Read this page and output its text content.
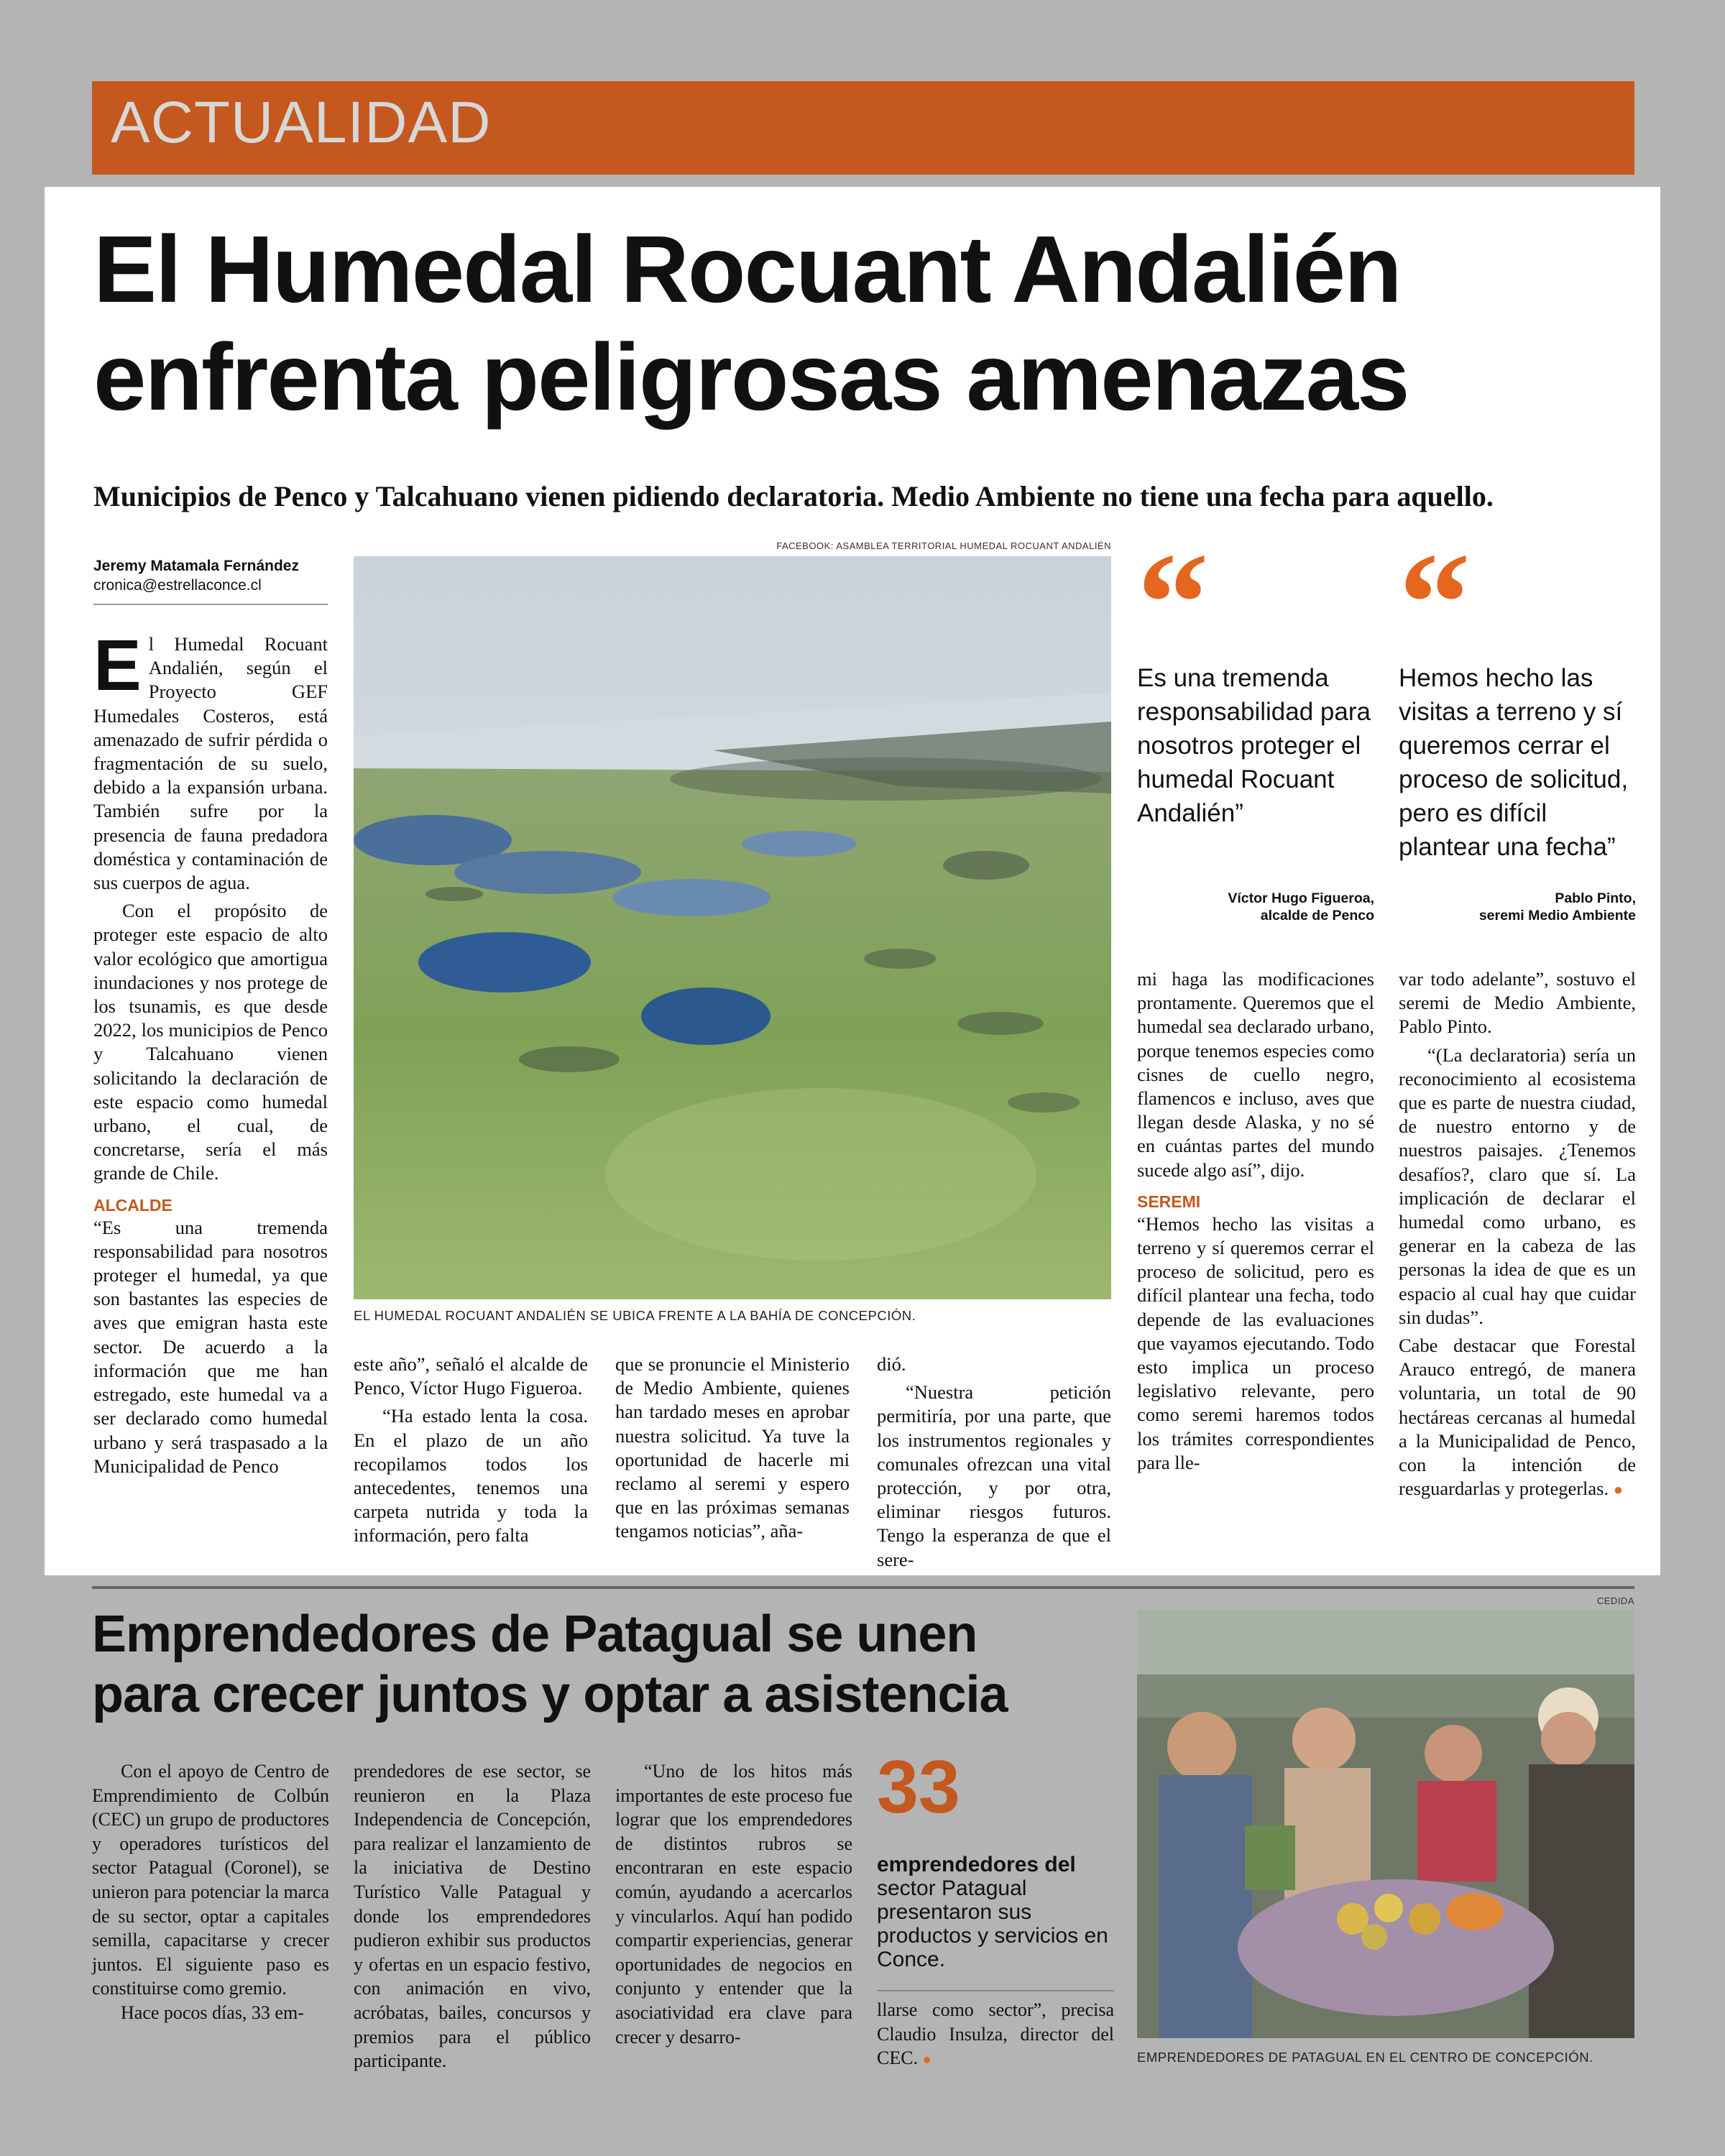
ACTUALIDAD
El Humedal Rocuant Andalién
enfrenta peligrosas amenazas
Municipios de Penco y Talcahuano vienen pidiendo declaratoria. Medio Ambiente no tiene una fecha para aquello.
Jeremy Matamala Fernández
cronica@estrellaconce.cl

El Humedal Rocuant Andalién, según el Proyecto GEF Humedales Costeros, está amenazado de sufrir pérdida o fragmentación de su suelo, debido a la expansión urbana. También sufre por la presencia de fauna predadora doméstica y contaminación de sus cuerpos de agua.

Con el propósito de proteger este espacio de alto valor ecológico que amortigua inundaciones y nos protege de los tsunamis, es que desde 2022, los municipios de Penco y Talcahuano vienen solicitando la declaración de este espacio como humedal urbano, el cual, de concretarse, sería el más grande de Chile.

ALCALDE

“Es una tremenda responsabilidad para nosotros proteger el humedal, ya que son bastantes las especies de aves que emigran hasta este sector. De acuerdo a la información que me han estregado, este humedal va a ser declarado como humedal urbano y será traspasado a la Municipalidad de Penco

FACEBOOK: ASAMBLEA TERRITORIAL HUMEDAL ROCUANT ANDALIÉN
EL HUMEDAL ROCUANT ANDALIÉN SE UBICA FRENTE A LA BAHÍA DE CONCEPCIÓN.

este año”, señaló el alcalde de Penco, Víctor Hugo Figueroa.

“Ha estado lenta la cosa. En el plazo de un año recopilamos todos los antecedentes, tenemos una carpeta nutrida y toda la información, pero falta

que se pronuncie el Ministerio de Medio Ambiente, quienes han tardado meses en aprobar nuestra solicitud. Ya tuve la oportunidad de hacerle mi reclamo al seremi y espero que en las próximas semanas tengamos noticias”, aña-

dió.

“Nuestra petición permitiría, por una parte, que los instrumentos regionales y comunales ofrezcan una vital protección, y por otra, eliminar riesgos futuros. Tengo la esperanza de que el sere-

“
Es una tremenda responsabilidad para nosotros proteger el humedal Rocuant Andalién”
Víctor Hugo Figueroa,
alcalde de Penco
“
Hemos hecho las visitas a terreno y sí queremos cerrar el proceso de solicitud, pero es difícil plantear una fecha”
Pablo Pinto,
seremi Medio Ambiente

mi haga las modificaciones prontamente. Queremos que el humedal sea declarado urbano, porque tenemos especies como cisnes de cuello negro, flamencos e incluso, aves que llegan desde Alaska, y no sé en cuántas partes del mundo sucede algo así”, dijo.

SEREMI

“Hemos hecho las visitas a terreno y sí queremos cerrar el proceso de solicitud, pero es difícil plantear una fecha, todo depende de las evaluaciones que vayamos ejecutando. Todo esto implica un proceso legislativo relevante, pero como seremi haremos todos los trámites correspondientes para lle-

var todo adelante”, sostuvo el seremi de Medio Ambiente, Pablo Pinto.

“(La declaratoria) sería un reconocimiento al ecosistema que es parte de nuestra ciudad, de nuestro entorno y de nuestros paisajes. ¿Tenemos desafíos?, claro que sí. La implicación de declarar el humedal como urbano, es generar en la cabeza de las personas la idea de que es un espacio al cual hay que cuidar sin dudas”.

Cabe destacar que Forestal Arauco entregó, de manera voluntaria, un total de 90 hectáreas cercanas al humedal a la Municipalidad de Penco, con la intención de resguardarlas y protegerlas. ●

Emprendedores de Patagual se unen
para crecer juntos y optar a asistencia

Con el apoyo de Centro de Emprendimiento de Colbún (CEC) un grupo de productores y operadores turísticos del sector Patagual (Coronel), se unieron para potenciar la marca de su sector, optar a capitales semilla, capacitarse y crecer juntos. El siguiente paso es constituirse como gremio.

Hace pocos días, 33 em-

prendedores de ese sector, se reunieron en la Plaza Independencia de Concepción, para realizar el lanzamiento de la iniciativa de Destino Turístico Valle Patagual y donde los emprendedores pudieron exhibir sus productos y ofertas en un espacio festivo, con animación en vivo, acróbatas, bailes, concursos y premios para el público participante.

“Uno de los hitos más importantes de este proceso fue lograr que los emprendedores de distintos rubros se encontraran en este espacio común, ayudando a acercarlos y vincularlos. Aquí han podido compartir experiencias, generar oportunidades de negocios en conjunto y entender que la asociatividad era clave para crecer y desarro-

33
emprendedores del
sector Patagual presentaron sus productos y servicios en Conce.

llarse como sector”, precisa Claudio Insulza, director del CEC. ●

CEDIDA
EMPRENDEDORES DE PATAGUAL EN EL CENTRO DE CONCEPCIÓN.
